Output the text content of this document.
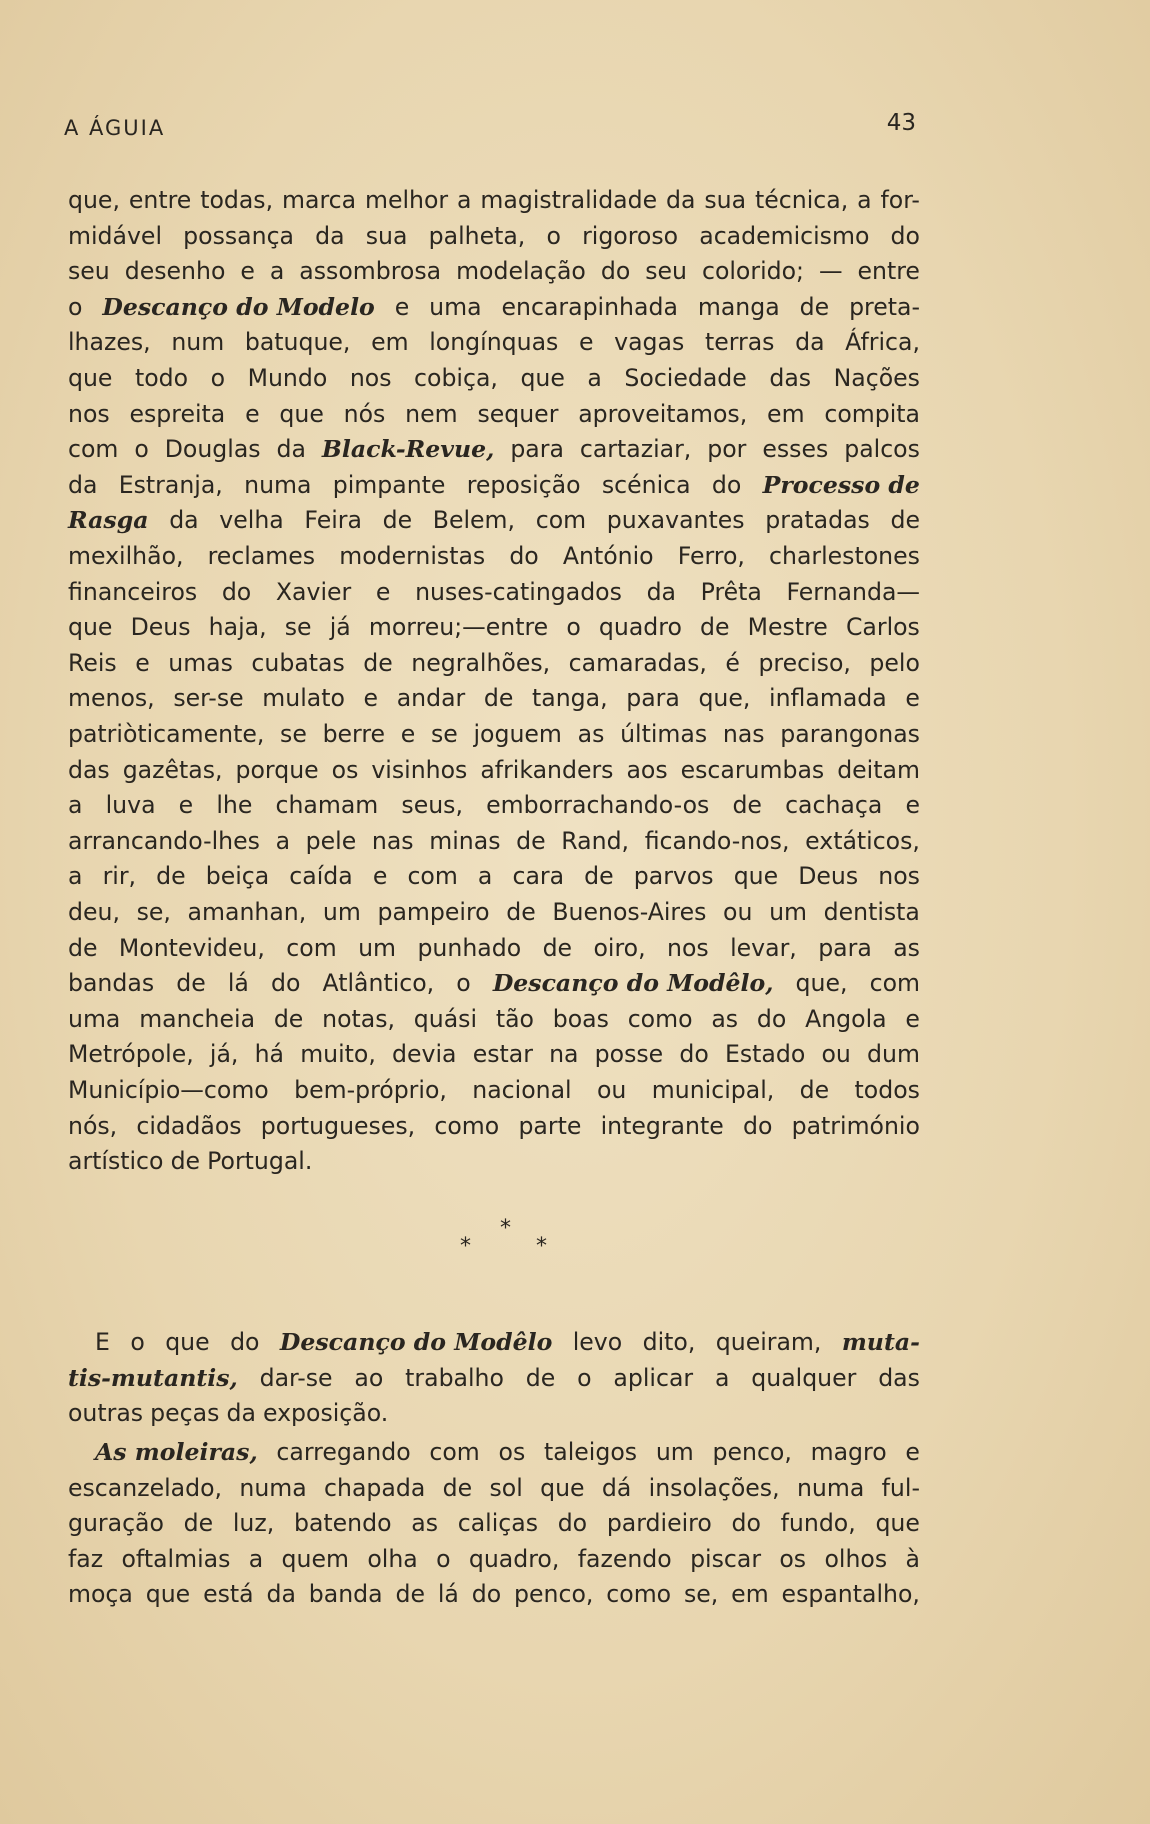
A ÁGUIA	43
que, entre todas, marca melhor a magistralidade da sua técnica, a for-
midável possança da sua palheta, o rigoroso academicismo do
seu desenho e a assombrosa modelação do seu colorido; — entre
o Descanço do Modelo e uma encarapinhada manga de preta-
lhazes, num batuque, em longínquas e vagas terras da África,
que todo o Mundo nos cobiça, que a Sociedade das Nações
nos espreita e que nós nem sequer aproveitamos, em compita
com o Douglas da Black-Revue, para cartaziar, por esses palcos
da Estranja, numa pimpante reposição scénica do Processo de
Rasga da velha Feira de Belem, com puxavantes pratadas de
mexilhão, reclames modernistas do António Ferro, charlestones
financeiros do Xavier e nuses-catingados da Prêta Fernanda—
que Deus haja, se já morreu;—entre o quadro de Mestre Carlos
Reis e umas cubatas de negralhões, camaradas, é preciso, pelo
menos, ser-se mulato e andar de tanga, para que, inflamada e
patriòticamente, se berre e se joguem as últimas nas parangonas
das gazêtas, porque os visinhos afrikanders aos escarumbas deitam
a luva e lhe chamam seus, emborrachando-os de cachaça e
arrancando-lhes a pele nas minas de Rand, ficando-nos, extáticos,
a rir, de beiça caída e com a cara de parvos que Deus nos
deu, se, amanhan, um pampeiro de Buenos-Aires ou um dentista
de Montevideu, com um punhado de oiro, nos levar, para as
bandas de lá do Atlântico, o Descanço do Modêlo, que, com
uma mancheia de notas, quási tão boas como as do Angola e
Metrópole, já, há muito, devia estar na posse do Estado ou dum
Município—como bem-próprio, nacional ou municipal, de todos
nós, cidadãos portugueses, como parte integrante do património
artístico de Portugal.
*
*	*
E o que do Descanço do Modêlo levo dito, queiram, muta-
tis-mutantis, dar-se ao trabalho de o aplicar a qualquer das
outras peças da exposição.
As moleiras, carregando com os taleigos um penco, magro e
escanzelado, numa chapada de sol que dá insolações, numa ful-
guração de luz, batendo as caliças do pardieiro do fundo, que
faz oftalmias a quem olha o quadro, fazendo piscar os olhos à
moça que está da banda de lá do penco, como se, em espantalho,
